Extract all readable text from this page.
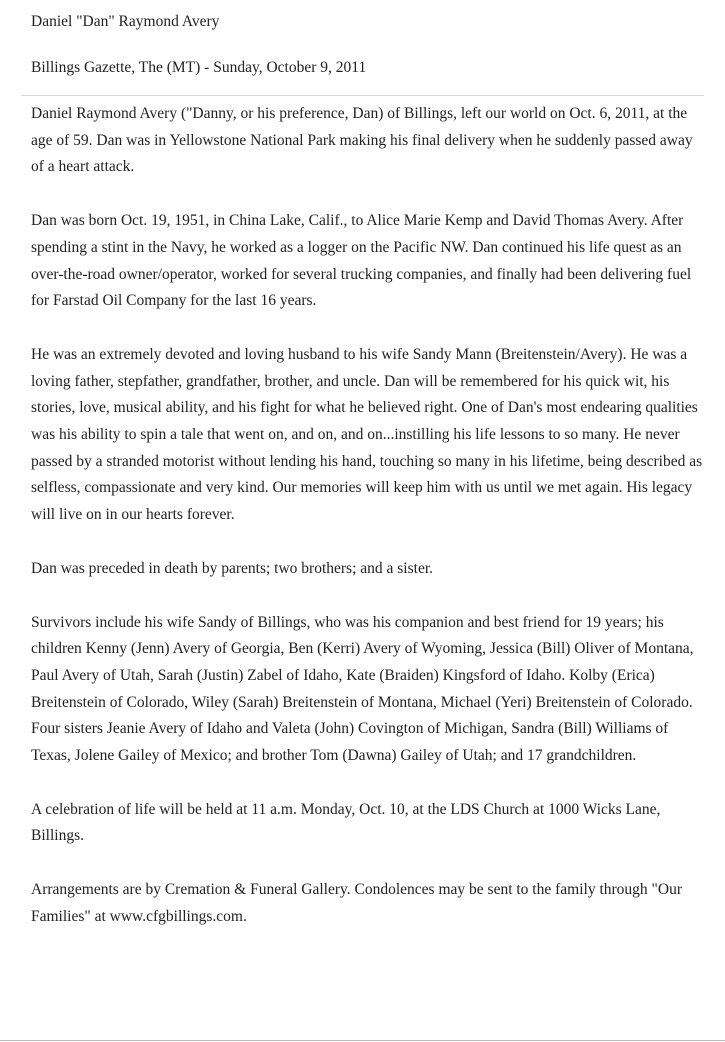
Daniel "Dan" Raymond Avery

Billings Gazette, The (MT) - Sunday, October 9, 2011

Daniel Raymond Avery ("Danny, or his preference, Dan) of Billings, left our world on Oct. 6, 2011, at the age of 59. Dan was in Yellowstone National Park making his final delivery when he suddenly passed away of a heart attack.

Dan was born Oct. 19, 1951, in China Lake, Calif., to Alice Marie Kemp and David Thomas Avery. After spending a stint in the Navy, he worked as a logger on the Pacific NW. Dan continued his life quest as an over-the-road owner/operator, worked for several trucking companies, and finally had been delivering fuel for Farstad Oil Company for the last 16 years.

He was an extremely devoted and loving husband to his wife Sandy Mann (Breitenstein/Avery). He was a loving father, stepfather, grandfather, brother, and uncle. Dan will be remembered for his quick wit, his stories, love, musical ability, and his fight for what he believed right. One of Dan's most endearing qualities was his ability to spin a tale that went on, and on, and on...instilling his life lessons to so many. He never passed by a stranded motorist without lending his hand, touching so many in his lifetime, being described as selfless, compassionate and very kind. Our memories will keep him with us until we met again. His legacy will live on in our hearts forever.

Dan was preceded in death by parents; two brothers; and a sister.

Survivors include his wife Sandy of Billings, who was his companion and best friend for 19 years; his children Kenny (Jenn) Avery of Georgia, Ben (Kerri) Avery of Wyoming, Jessica (Bill) Oliver of Montana, Paul Avery of Utah, Sarah (Justin) Zabel of Idaho, Kate (Braiden) Kingsford of Idaho. Kolby (Erica) Breitenstein of Colorado, Wiley (Sarah) Breitenstein of Montana, Michael (Yeri) Breitenstein of Colorado. Four sisters Jeanie Avery of Idaho and Valeta (John) Covington of Michigan, Sandra (Bill) Williams of Texas, Jolene Gailey of Mexico; and brother Tom (Dawna) Gailey of Utah; and 17 grandchildren.

A celebration of life will be held at 11 a.m. Monday, Oct. 10, at the LDS Church at 1000 Wicks Lane, Billings.

Arrangements are by Cremation & Funeral Gallery. Condolences may be sent to the family through "Our Families" at www.cfgbillings.com.
